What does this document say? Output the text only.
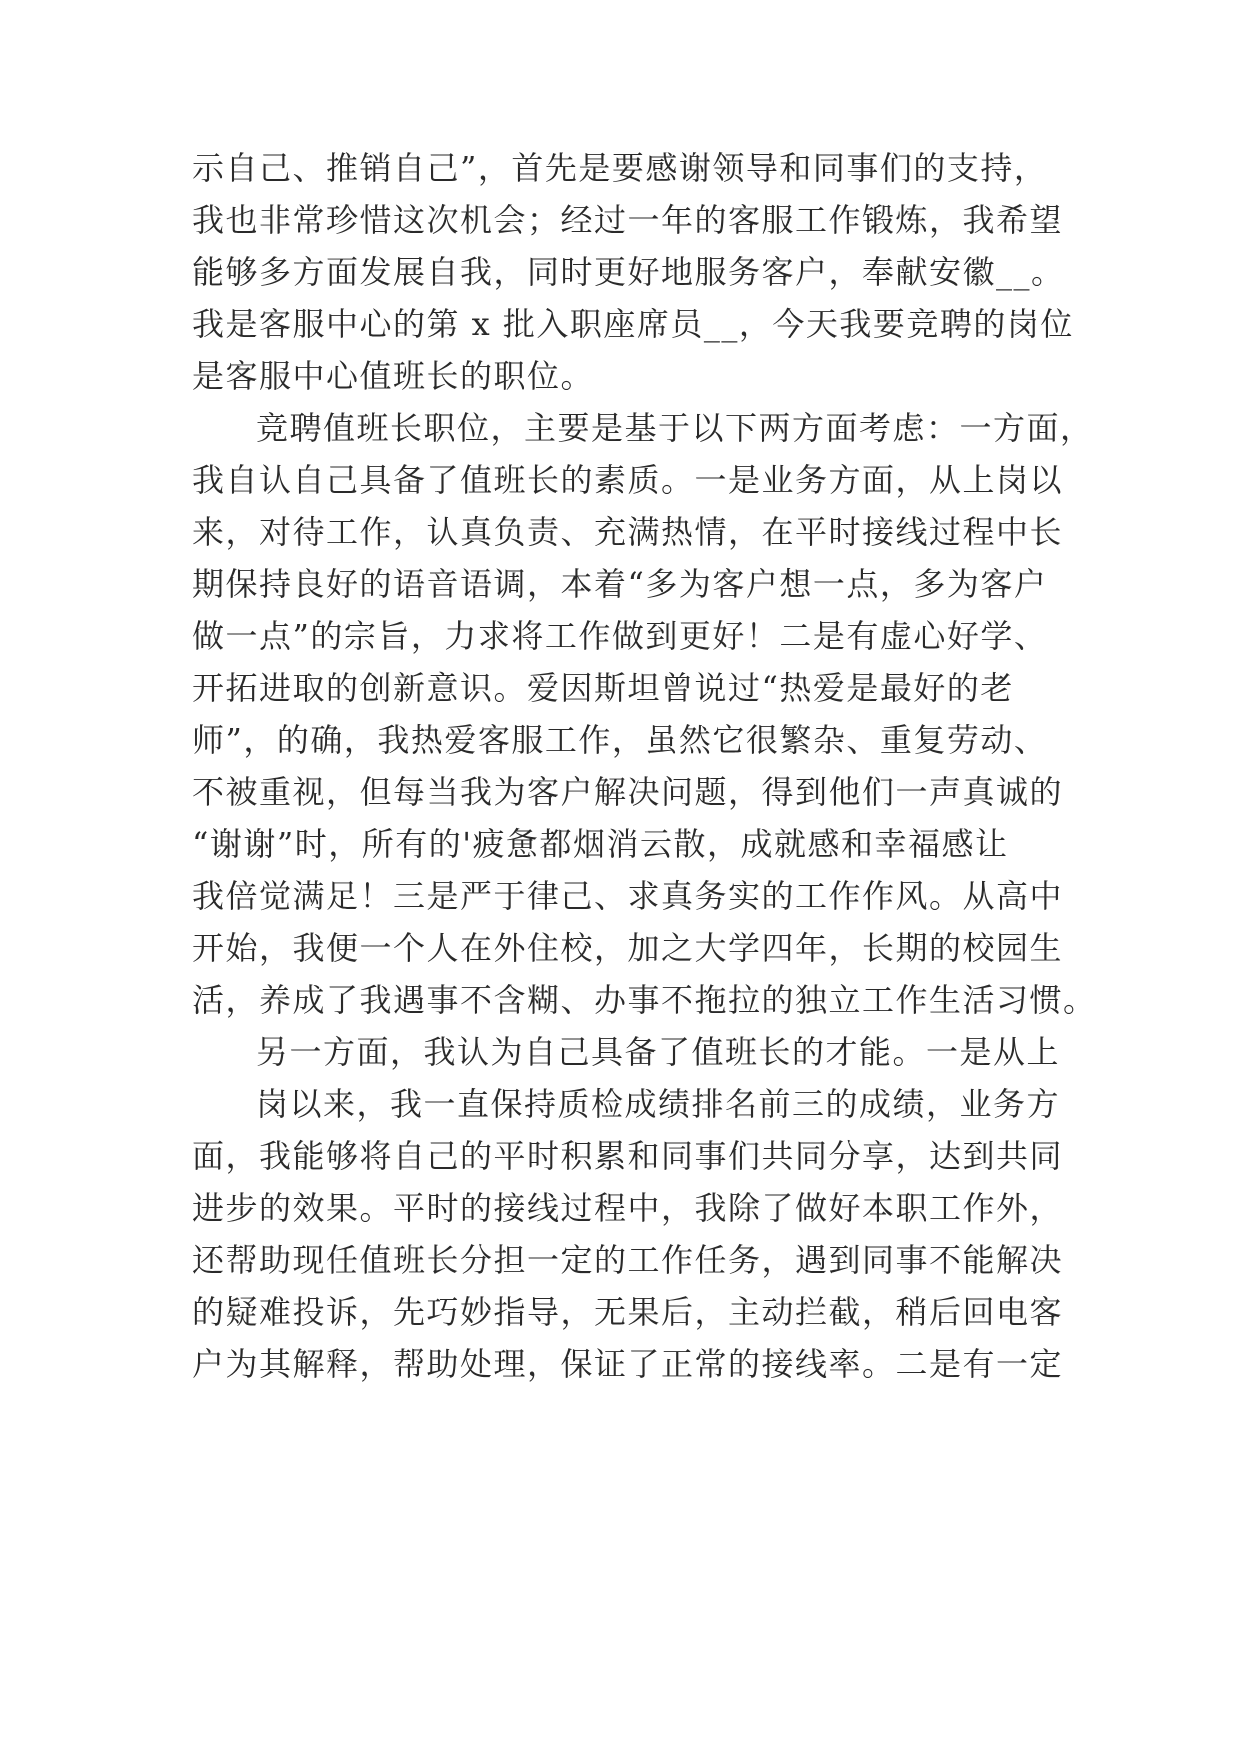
示自己、推销自己”，首先是要感谢领导和同事们的支持，
我也非常珍惜这次机会；经过一年的客服工作锻炼，我希望
能够多方面发展自我，同时更好地服务客户，奉献安徽__。
我是客服中心的第 x 批入职座席员__，今天我要竞聘的岗位
是客服中心值班长的职位。
竞聘值班长职位，主要是基于以下两方面考虑：一方面，
我自认自己具备了值班长的素质。一是业务方面，从上岗以
来，对待工作，认真负责、充满热情，在平时接线过程中长
期保持良好的语音语调，本着“多为客户想一点，多为客户
做一点”的宗旨，力求将工作做到更好！二是有虚心好学、
开拓进取的创新意识。爱因斯坦曾说过“热爱是最好的老
师”，的确，我热爱客服工作，虽然它很繁杂、重复劳动、
不被重视，但每当我为客户解决问题，得到他们一声真诚的
“谢谢”时，所有的'疲惫都烟消云散，成就感和幸福感让
我倍觉满足！三是严于律己、求真务实的工作作风。从高中
开始，我便一个人在外住校，加之大学四年，长期的校园生
活，养成了我遇事不含糊、办事不拖拉的独立工作生活习惯。
另一方面，我认为自己具备了值班长的才能。一是从上
岗以来，我一直保持质检成绩排名前三的成绩，业务方
面，我能够将自己的平时积累和同事们共同分享，达到共同
进步的效果。平时的接线过程中，我除了做好本职工作外，
还帮助现任值班长分担一定的工作任务，遇到同事不能解决
的疑难投诉，先巧妙指导，无果后，主动拦截，稍后回电客
户为其解释，帮助处理，保证了正常的接线率。二是有一定
